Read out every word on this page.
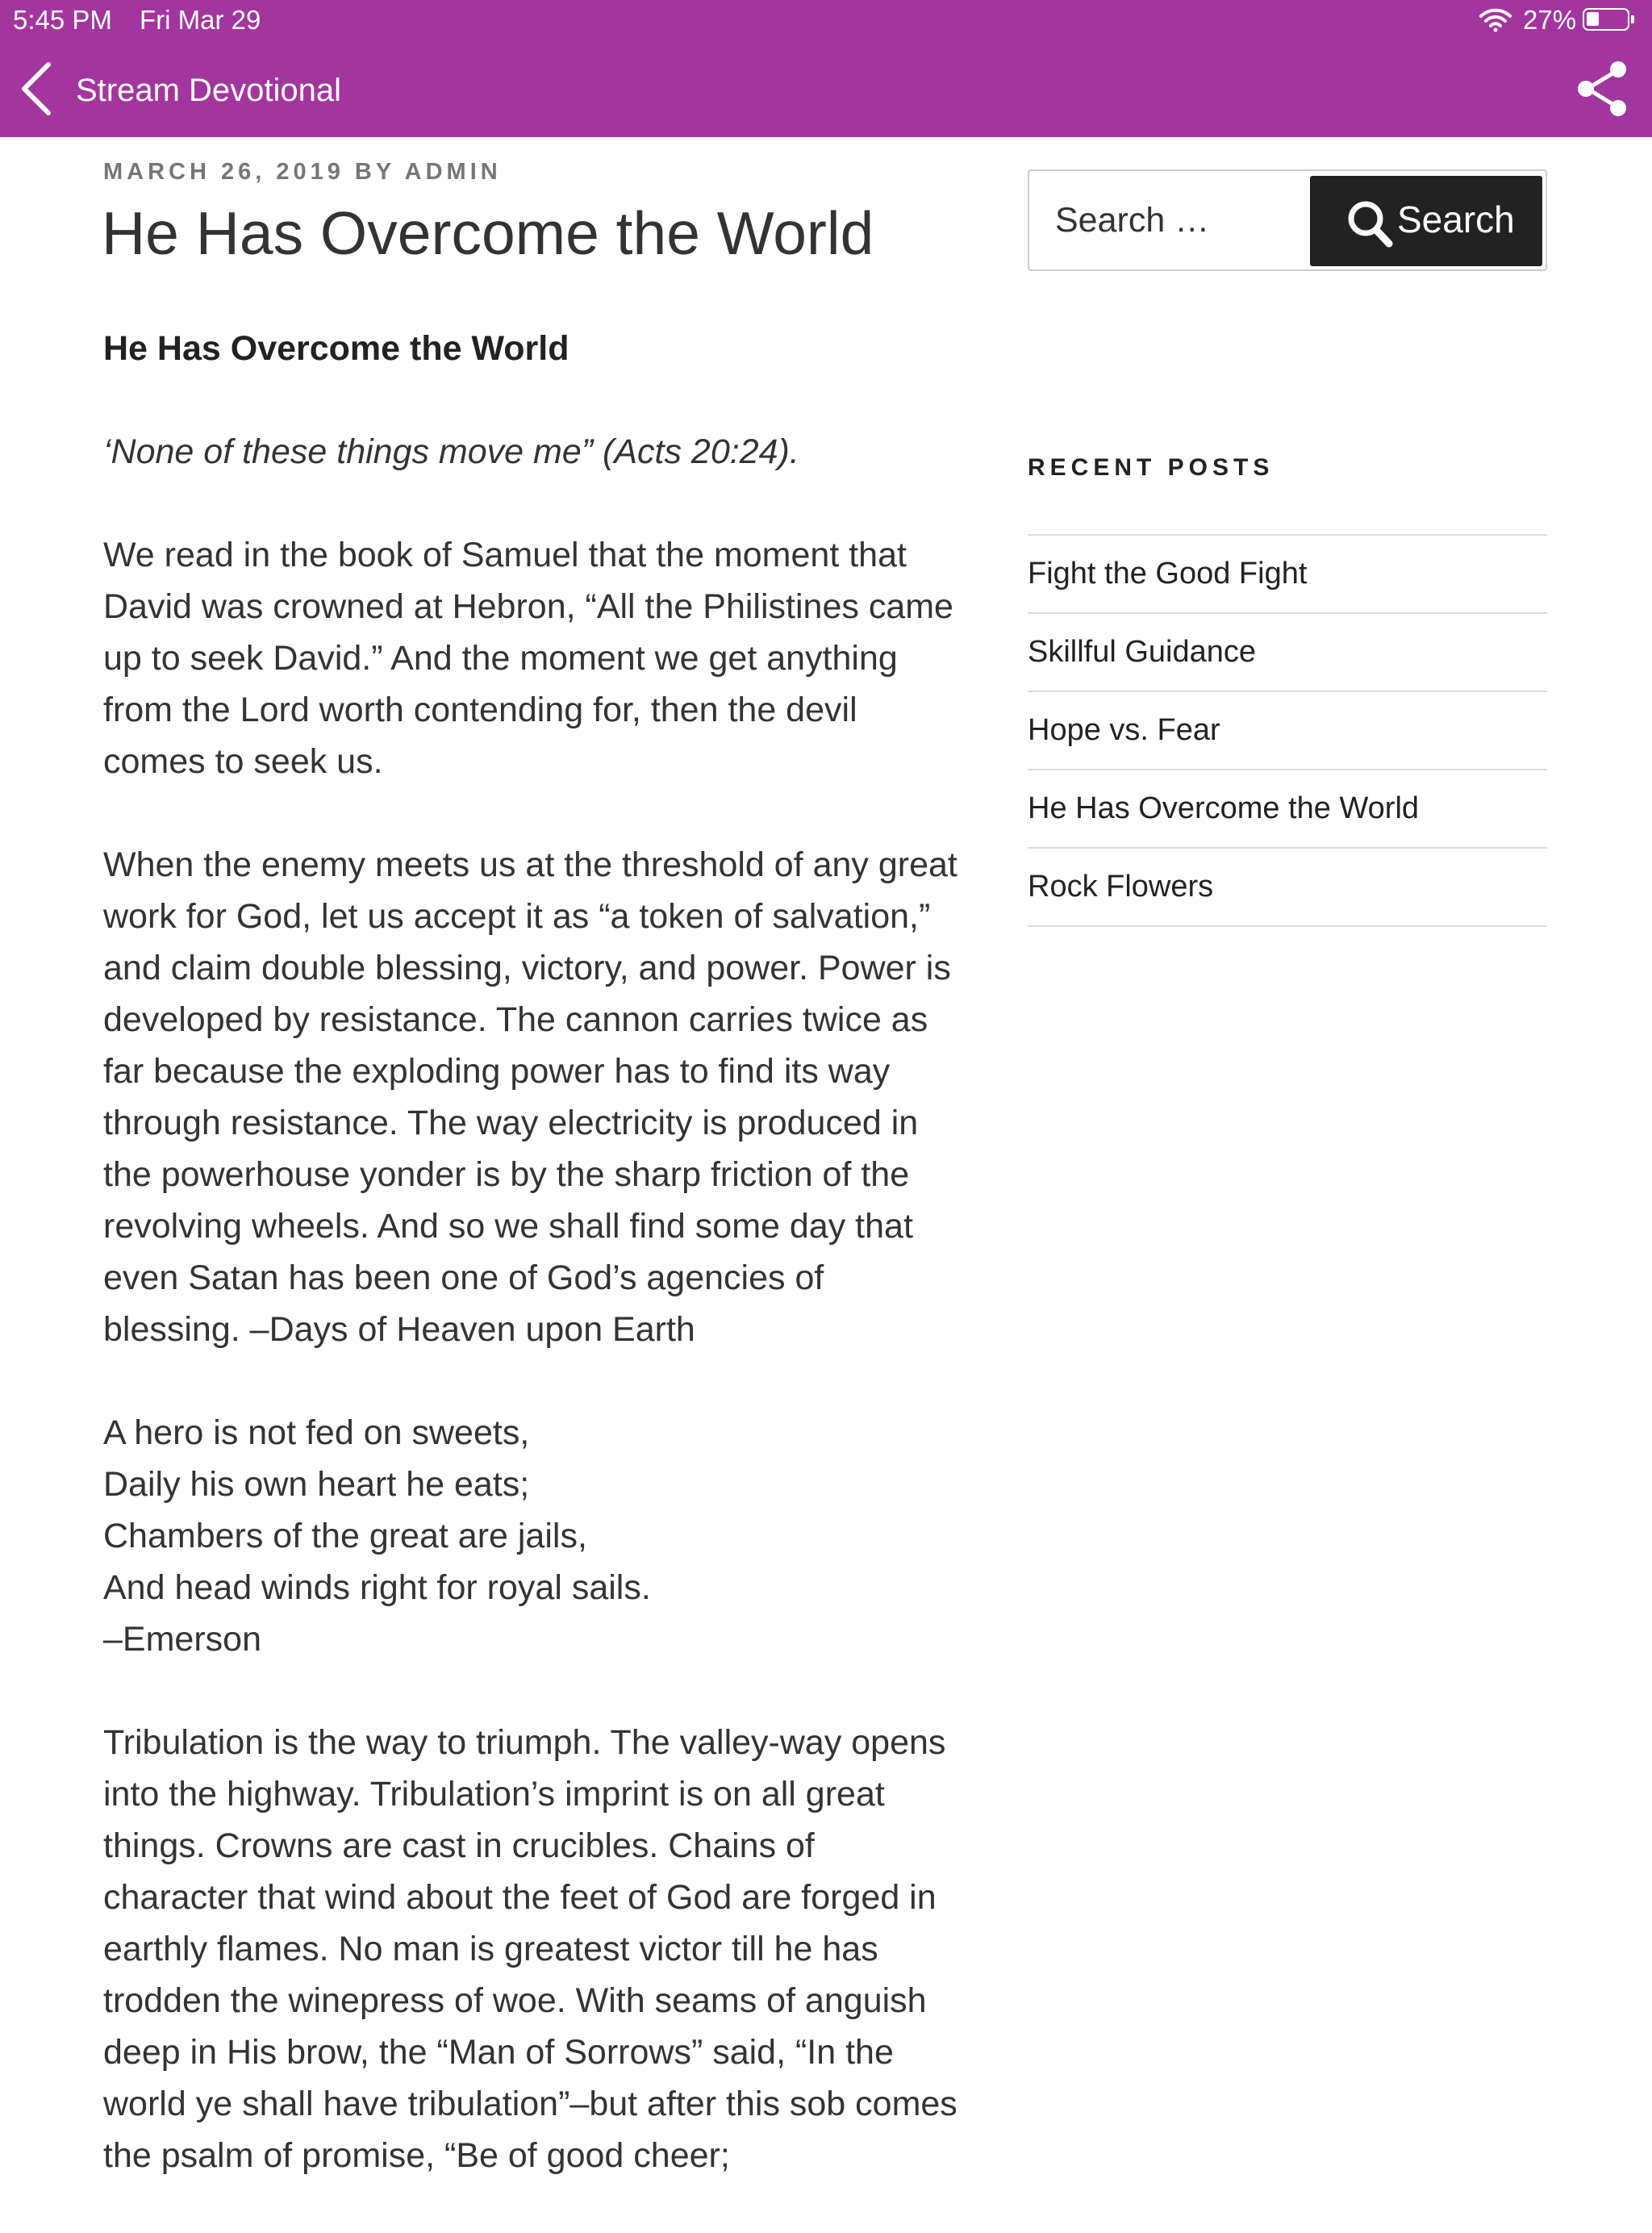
5:45 PM Fri Mar 29	27%
Stream Devotional
MARCH 26, 2019 BY ADMIN
He Has Overcome the World

He Has Overcome the World

‘None of these things move me” (Acts 20:24).

We read in the book of Samuel that the moment that David was crowned at Hebron, “All the Philistines came up to seek David.” And the moment we get anything from the Lord worth contending for, then the devil comes to seek us.

When the enemy meets us at the threshold of any great work for God, let us accept it as “a token of salvation,” and claim double blessing, victory, and power. Power is developed by resistance. The cannon carries twice as far because the exploding power has to find its way through resistance. The way electricity is produced in the powerhouse yonder is by the sharp friction of the revolving wheels. And so we shall find some day that even Satan has been one of God’s agencies of blessing. –Days of Heaven upon Earth

A hero is not fed on sweets,
Daily his own heart he eats;
Chambers of the great are jails,
And head winds right for royal sails.
–Emerson

Tribulation is the way to triumph. The valley-way opens into the highway. Tribulation’s imprint is on all great things. Crowns are cast in crucibles. Chains of character that wind about the feet of God are forged in earthly flames. No man is greatest victor till he has trodden the winepress of woe. With seams of anguish deep in His brow, the “Man of Sorrows” said, “In the world ye shall have tribulation”–but after this sob comes the psalm of promise, “Be of good cheer;

Search …
Search
RECENT POSTS
Fight the Good Fight
Skillful Guidance
Hope vs. Fear
He Has Overcome the World
Rock Flowers
